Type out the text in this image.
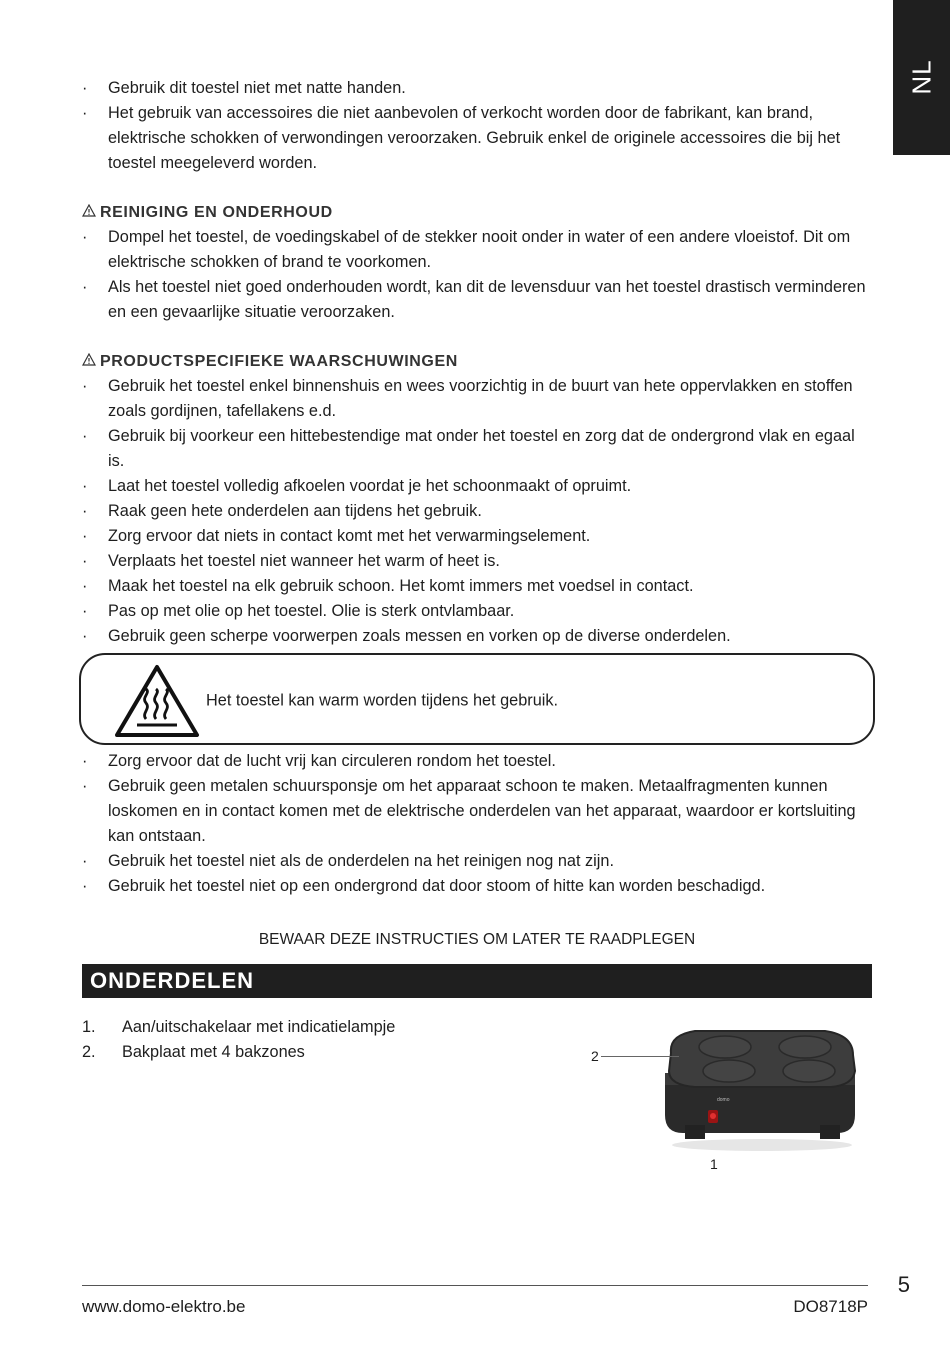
NL
· Gebruik dit toestel niet met natte handen.
· Het gebruik van accessoires die niet aanbevolen of verkocht worden door de fabrikant, kan brand, elektrische schokken of verwondingen veroorzaken. Gebruik enkel de originele accessoires die bij het toestel meegeleverd worden.
REINIGING EN ONDERHOUD
· Dompel het toestel, de voedingskabel of de stekker nooit onder in water of een andere vloeistof. Dit om elektrische schokken of brand te voorkomen.
· Als het toestel niet goed onderhouden wordt, kan dit de levensduur van het toestel drastisch verminderen en een gevaarlijke situatie veroorzaken.
PRODUCTSPECIFIEKE WAARSCHUWINGEN
· Gebruik het toestel enkel binnenshuis en wees voorzichtig in de buurt van hete oppervlakken en stoffen zoals gordijnen, tafellakens e.d.
· Gebruik bij voorkeur een hittebestendige mat onder het toestel en zorg dat de ondergrond vlak en egaal is.
· Laat het toestel volledig afkoelen voordat je het schoonmaakt of opruimt.
· Raak geen hete onderdelen aan tijdens het gebruik.
· Zorg ervoor dat niets in contact komt met het verwarmingselement.
· Verplaats het toestel niet wanneer het warm of heet is.
· Maak het toestel na elk gebruik schoon. Het komt immers met voedsel in contact.
· Pas op met olie op het toestel. Olie is sterk ontvlambaar.
· Gebruik geen scherpe voorwerpen zoals messen en vorken op de diverse onderdelen.
Het toestel kan warm worden tijdens het gebruik.
· Zorg ervoor dat de lucht vrij kan circuleren rondom het toestel.
· Gebruik geen metalen schuursponsje om het apparaat schoon te maken. Metaalfragmenten kunnen loskomen en in contact komen met de elektrische onderdelen van het apparaat, waardoor er kortsluiting kan ontstaan.
· Gebruik het toestel niet als de onderdelen na het reinigen nog nat zijn.
· Gebruik het toestel niet op een ondergrond dat door stoom of hitte kan worden beschadigd.
BEWAAR DEZE INSTRUCTIES OM LATER TE RAADPLEGEN
ONDERDELEN
1. Aan/uitschakelaar met indicatielampje
2. Bakplaat met 4 bakzones
domo
2
1
5
www.domo-elektro.be	DO8718P
